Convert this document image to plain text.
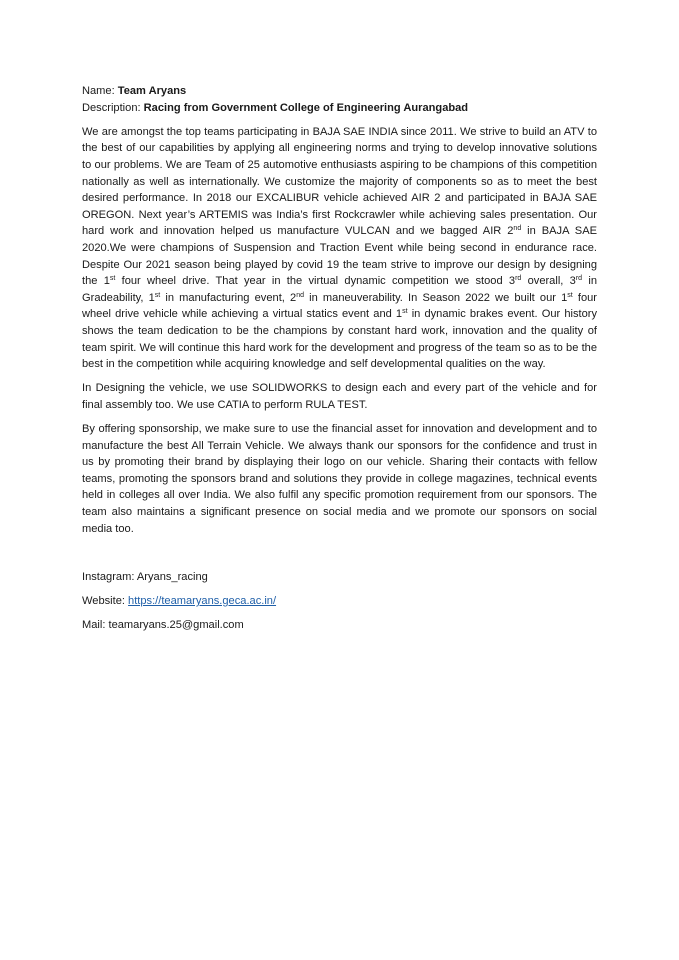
Name: Team Aryans

Description: Racing from Government College of Engineering Aurangabad

We are amongst the top teams participating in BAJA SAE INDIA since 2011. We strive to build an ATV to the best of our capabilities by applying all engineering norms and trying to develop innovative solutions to our problems. We are Team of 25 automotive enthusiasts aspiring to be champions of this competition nationally as well as internationally. We customize the majority of components so as to meet the best desired performance. In 2018 our EXCALIBUR vehicle achieved AIR 2 and participated in BAJA SAE OREGON. Next year’s ARTEMIS was India’s first Rockcrawler while achieving sales presentation. Our hard work and innovation helped us manufacture VULCAN and we bagged AIR 2nd in BAJA SAE 2020.We were champions of Suspension and Traction Event while being second in endurance race. Despite Our 2021 season being played by covid 19 the team strive to improve our design by designing the 1st four wheel drive. That year in the virtual dynamic competition we stood 3rd overall, 3rd in Gradeability, 1st in manufacturing event, 2nd in maneuverability. In Season 2022 we built our 1st four wheel drive vehicle while achieving a virtual statics event and 1st in dynamic brakes event. Our history shows the team dedication to be the champions by constant hard work, innovation and the quality of team spirit. We will continue this hard work for the development and progress of the team so as to be the best in the competition while acquiring knowledge and self developmental qualities on the way.

In Designing the vehicle, we use SOLIDWORKS to design each and every part of the vehicle and for final assembly too. We use CATIA to perform RULA TEST.

By offering sponsorship, we make sure to use the financial asset for innovation and development and to manufacture the best All Terrain Vehicle. We always thank our sponsors for the confidence and trust in us by promoting their brand by displaying their logo on our vehicle. Sharing their contacts with fellow teams, promoting the sponsors brand and solutions they provide in college magazines, technical events held in colleges all over India. We also fulfil any specific promotion requirement from our sponsors. The team also maintains a significant presence on social media and we promote our sponsors on social media too.

Instagram: Aryans_racing

Website: https://teamaryans.geca.ac.in/

Mail: teamaryans.25@gmail.com
